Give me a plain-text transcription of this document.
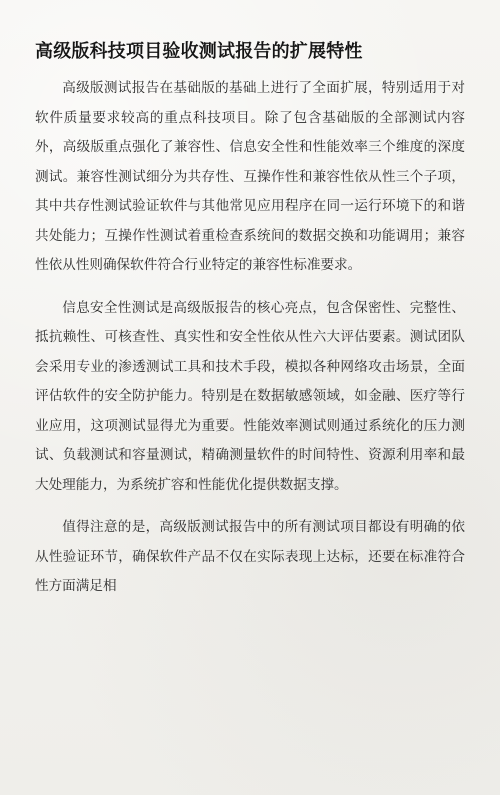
高级版科技项目验收测试报告的扩展特性

高级版测试报告在基础版的基础上进行了全面扩展，特别适用于对软件质量要求较高的重点科技项目。除了包含基础版的全部测试内容外，高级版重点强化了兼容性、信息安全性和性能效率三个维度的深度测试。兼容性测试细分为共存性、互操作性和兼容性依从性三个子项，其中共存性测试验证软件与其他常见应用程序在同一运行环境下的和谐共处能力；互操作性测试着重检查系统间的数据交换和功能调用；兼容性依从性则确保软件符合行业特定的兼容性标准要求。

信息安全性测试是高级版报告的核心亮点，包含保密性、完整性、抵抗赖性、可核查性、真实性和安全性依从性六大评估要素。测试团队会采用专业的渗透测试工具和技术手段，模拟各种网络攻击场景，全面评估软件的安全防护能力。特别是在数据敏感领域，如金融、医疗等行业应用，这项测试显得尤为重要。性能效率测试则通过系统化的压力测试、负载测试和容量测试，精确测量软件的时间特性、资源利用率和最大处理能力，为系统扩容和性能优化提供数据支撑。

值得注意的是，高级版测试报告中的所有测试项目都设有明确的依从性验证环节，确保软件产品不仅在实际表现上达标，还要在标准符合性方面满足相
